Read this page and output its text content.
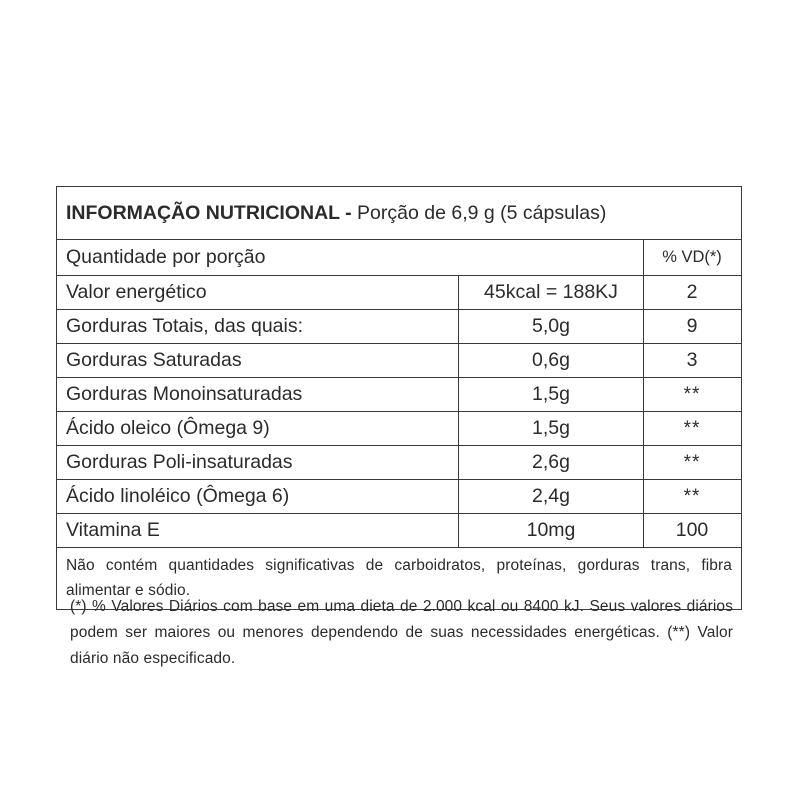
INFORMAÇÃO NUTRICIONAL - Porção de 6,9 g (5 cápsulas)
Quantidade por porção	% VD(*)
Valor energético	45kcal = 188KJ	2
Gorduras Totais, das quais:	5,0g	9
Gorduras Saturadas	0,6g	3
Gorduras Monoinsaturadas	1,5g	**
Ácido oleico (Ômega 9)	1,5g	**
Gorduras Poli-insaturadas	2,6g	**
Ácido linoléico (Ômega 6)	2,4g	**
Vitamina E	10mg	100
Não contém quantidades significativas de carboidratos, proteínas, gorduras trans, fibra alimentar e sódio.
(*) % Valores Diários com base em uma dieta de 2.000 kcal ou 8400 kJ. Seus valores diários podem ser maiores ou menores dependendo de suas necessidades energéticas. (**) Valor diário não especificado.
